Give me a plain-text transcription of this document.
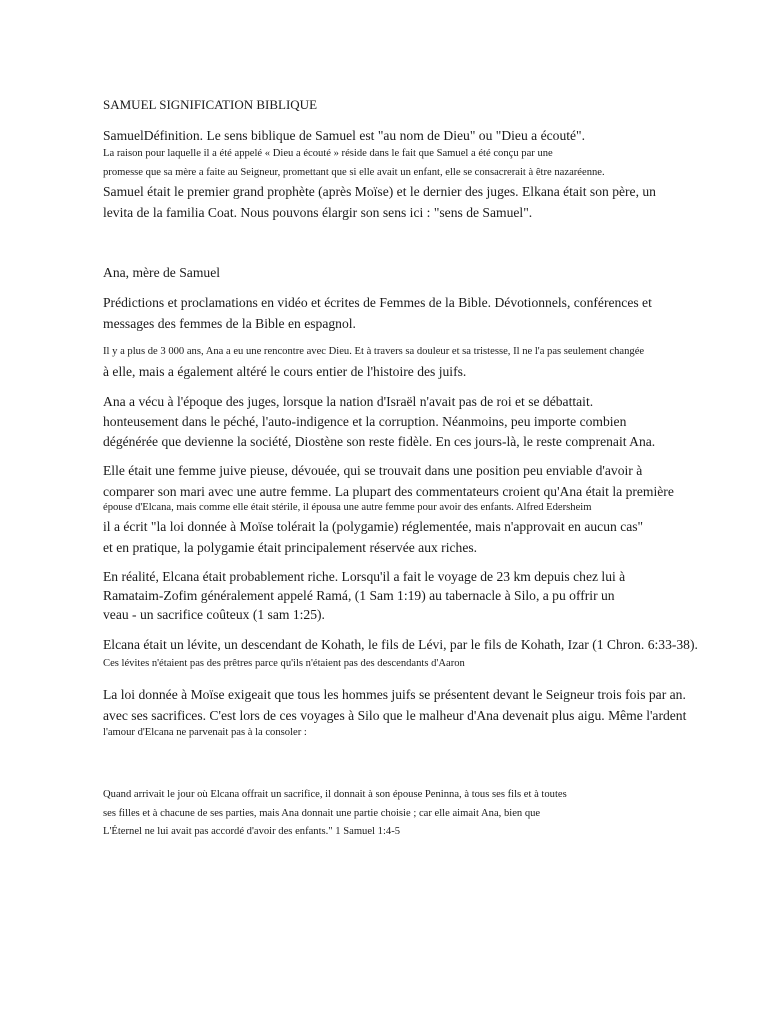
SAMUEL SIGNIFICATION BIBLIQUE
SamuelDéfinition. Le sens biblique de Samuel est "au nom de Dieu" ou "Dieu a écouté".
La raison pour laquelle il a été appelé « Dieu a écouté » réside dans le fait que Samuel a été conçu par une
promesse que sa mère a faite au Seigneur, promettant que si elle avait un enfant, elle se consacrerait à être nazaréenne.
Samuel était le premier grand prophète (après Moïse) et le dernier des juges. Elkana était son père, un
levita de la familia Coat. Nous pouvons élargir son sens ici : "sens de Samuel".
Ana, mère de Samuel
Prédictions et proclamations en vidéo et écrites de Femmes de la Bible. Dévotionnels, conférences et
messages des femmes de la Bible en espagnol.
Il y a plus de 3 000 ans, Ana a eu une rencontre avec Dieu. Et à travers sa douleur et sa tristesse, Il ne l'a pas seulement changée
à elle, mais a également altéré le cours entier de l'histoire des juifs.
Ana a vécu à l'époque des juges, lorsque la nation d'Israël n'avait pas de roi et se débattait.
honteusement dans le péché, l'auto-indigence et la corruption. Néanmoins, peu importe combien
dégénérée que devienne la société, Diostène son reste fidèle. En ces jours-là, le reste comprenait Ana.
Elle était une femme juive pieuse, dévouée, qui se trouvait dans une position peu enviable d'avoir à
comparer son mari avec une autre femme. La plupart des commentateurs croient qu'Ana était la première
épouse d'Elcana, mais comme elle était stérile, il épousa une autre femme pour avoir des enfants. Alfred Edersheim
il a écrit "la loi donnée à Moïse tolérait la (polygamie) réglementée, mais n'approvait en aucun cas"
et en pratique, la polygamie était principalement réservée aux riches.
En réalité, Elcana était probablement riche. Lorsqu'il a fait le voyage de 23 km depuis chez lui à
Ramataim-Zofim généralement appelé Ramá, (1 Sam 1:19) au tabernacle à Silo, a pu offrir un
veau - un sacrifice coûteux (1 sam 1:25).
Elcana était un lévite, un descendant de Kohath, le fils de Lévi, par le fils de Kohath, Izar (1 Chron. 6:33-38).
Ces lévites n'étaient pas des prêtres parce qu'ils n'étaient pas des descendants d'Aaron
La loi donnée à Moïse exigeait que tous les hommes juifs se présentent devant le Seigneur trois fois par an.
avec ses sacrifices. C'est lors de ces voyages à Silo que le malheur d'Ana devenait plus aigu. Même l'ardent
l'amour d'Elcana ne parvenait pas à la consoler :
Quand arrivait le jour où Elcana offrait un sacrifice, il donnait à son épouse Peninna, à tous ses fils et à toutes
ses filles et à chacune de ses parties, mais Ana donnait une partie choisie ; car elle aimait Ana, bien que
L'Éternel ne lui avait pas accordé d'avoir des enfants." 1 Samuel 1:4-5
